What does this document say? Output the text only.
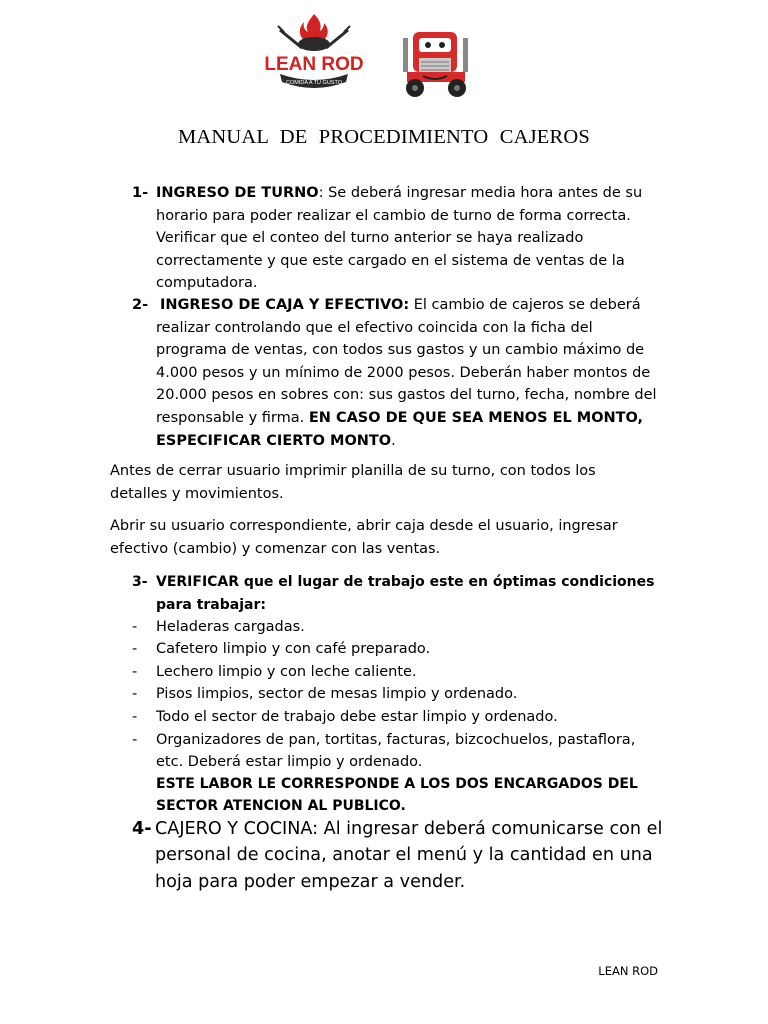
LEAN ROD
COMIDA A TU GUSTO
MANUAL DE PROCEDIMIENTO CAJEROS
1- INGRESO DE TURNO: Se deberá ingresar media hora antes de su
horario para poder realizar el cambio de turno de forma correcta.
Verificar que el conteo del turno anterior se haya realizado
correctamente y que este cargado en el sistema de ventas de la
computadora.
2- INGRESO DE CAJA Y EFECTIVO: El cambio de cajeros se deberá
realizar controlando que el efectivo coincida con la ficha del
programa de ventas, con todos sus gastos y un cambio máximo de
4.000 pesos y un mínimo de 2000 pesos. Deberán haber montos de
20.000 pesos en sobres con: sus gastos del turno, fecha, nombre del
responsable y firma. EN CASO DE QUE SEA MENOS EL MONTO,
ESPECIFICAR CIERTO MONTO.
Antes de cerrar usuario imprimir planilla de su turno, con todos los
detalles y movimientos.
Abrir su usuario correspondiente, abrir caja desde el usuario, ingresar
efectivo (cambio) y comenzar con las ventas.
3- VERIFICAR que el lugar de trabajo este en óptimas condiciones
para trabajar:
- Heladeras cargadas.
- Cafetero limpio y con café preparado.
- Lechero limpio y con leche caliente.
- Pisos limpios, sector de mesas limpio y ordenado.
- Todo el sector de trabajo debe estar limpio y ordenado.
- Organizadores de pan, tortitas, facturas, bizcochuelos, pastaflora,
etc. Deberá estar limpio y ordenado.
ESTE LABOR LE CORRESPONDE A LOS DOS ENCARGADOS DEL
SECTOR ATENCION AL PUBLICO.
4- CAJERO Y COCINA: Al ingresar deberá comunicarse con el
personal de cocina, anotar el menú y la cantidad en una
hoja para poder empezar a vender.
LEAN ROD
